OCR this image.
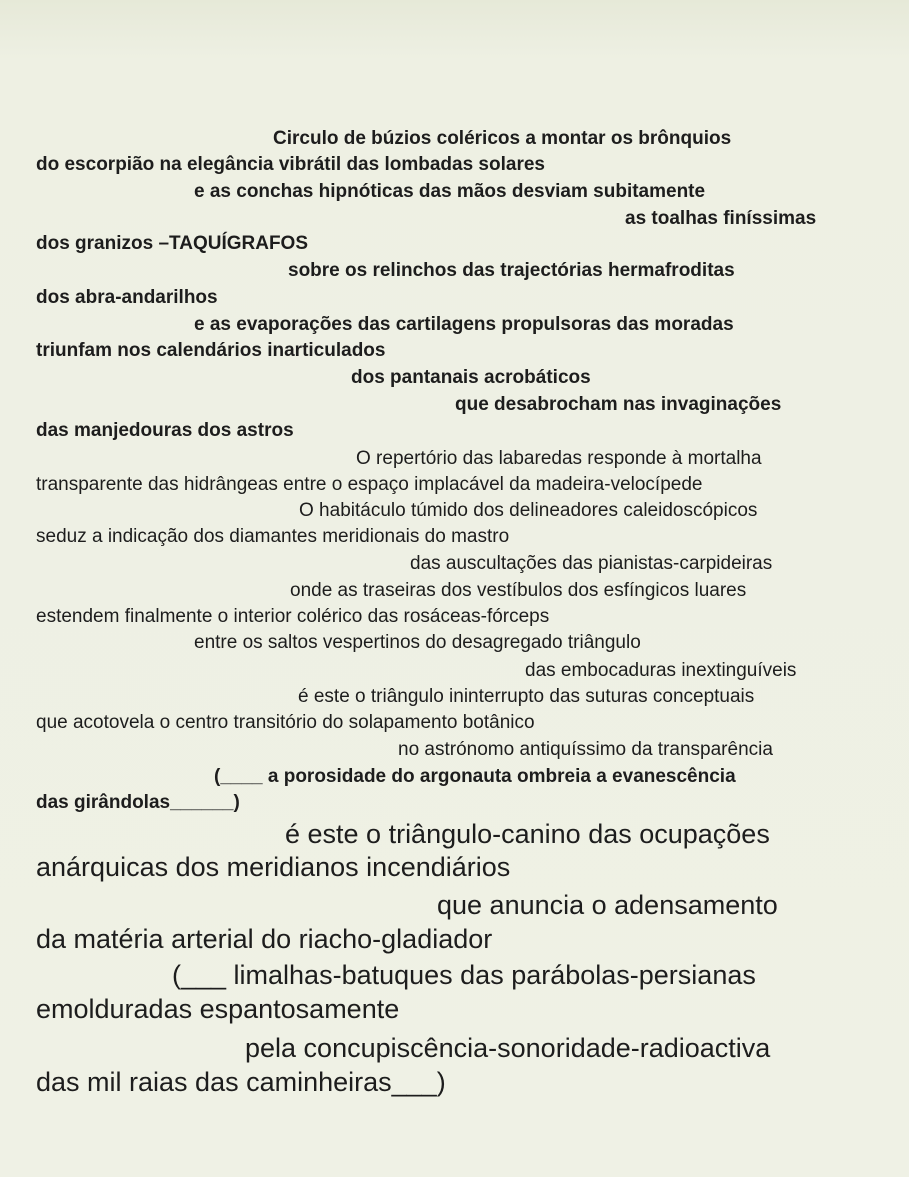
Circulo de búzios coléricos a montar os brônquios
do escorpião na elegância vibrátil das lombadas solares
e as conchas hipnóticas das mãos desviam subitamente
as toalhas finíssimas
dos granizos –TAQUÍGRAFOS
sobre os relinchos das trajectórias hermafroditas
dos abra-andarilhos
e as evaporações das cartilagens propulsoras das moradas
triunfam nos calendários inarticulados
dos pantanais acrobáticos
que desabrocham nas invaginações
das manjedouras dos astros
O repertório das labaredas responde à mortalha
transparente das hidrângeas entre o espaço implacável da madeira-velocípede
O habitáculo túmido dos delineadores caleidoscópicos
seduz a indicação dos diamantes meridionais do mastro
das auscultações das pianistas-carpideiras
onde as traseiras dos vestíbulos dos esfíngicos luares
estendem finalmente o interior colérico das rosáceas-fórceps
entre os saltos vespertinos do desagregado triângulo
das embocaduras inextinguíveis
é este o triângulo ininterrupto das suturas conceptuais
que acotovela o centro transitório do solapamento botânico
no astrónomo antiquíssimo da transparência
(____ a porosidade do argonauta ombreia a evanescência
das girândolas______)
é este o triângulo-canino das ocupações
anárquicas dos meridianos incendiários
que anuncia o adensamento
da matéria arterial do riacho-gladiador
(___ limalhas-batuques das parábolas-persianas
emolduradas espantosamente
pela concupiscência-sonoridade-radioactiva
das mil raias das caminheiras___)
